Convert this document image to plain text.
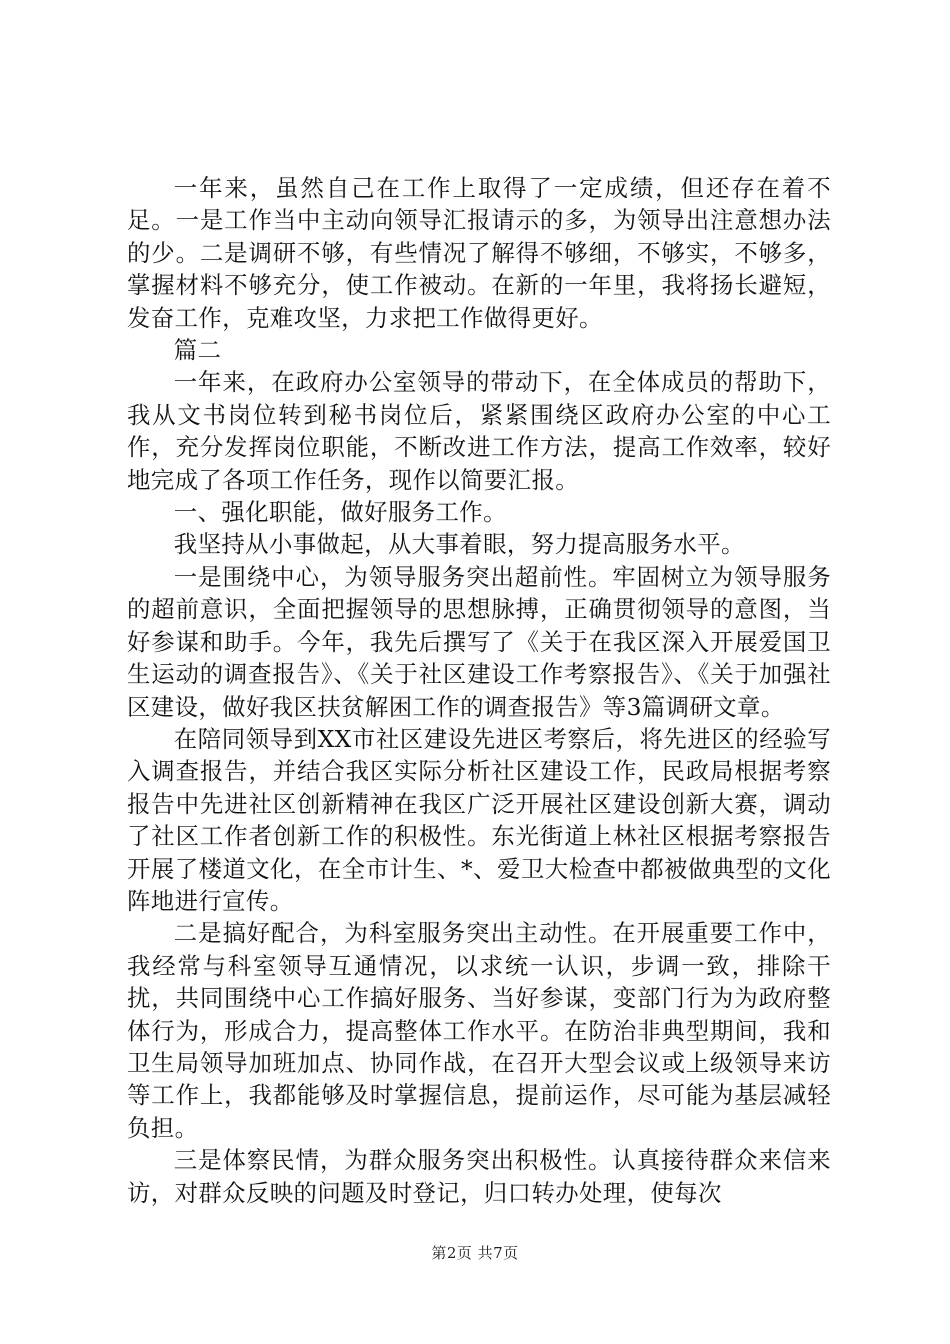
一年来，虽然自己在工作上取得了一定成绩，但还存在着不足。一是工作当中主动向领导汇报请示的多，为领导出注意想办法的少。二是调研不够，有些情况了解得不够细，不够实，不够多，掌握材料不够充分，使工作被动。在新的一年里，我将扬长避短，发奋工作，克难攻坚，力求把工作做得更好。

篇二

一年来，在政府办公室领导的带动下，在全体成员的帮助下，我从文书岗位转到秘书岗位后，紧紧围绕区政府办公室的中心工作，充分发挥岗位职能，不断改进工作方法，提高工作效率，较好地完成了各项工作任务，现作以简要汇报。

一、强化职能，做好服务工作。

我坚持从小事做起，从大事着眼，努力提高服务水平。

一是围绕中心，为领导服务突出超前性。牢固树立为领导服务的超前意识，全面把握领导的思想脉搏，正确贯彻领导的意图，当好参谋和助手。今年，我先后撰写了《关于在我区深入开展爱国卫生运动的调查报告》、《关于社区建设工作考察报告》、《关于加强社区建设，做好我区扶贫解困工作的调查报告》等3篇调研文章。

在陪同领导到XX市社区建设先进区考察后，将先进区的经验写入调查报告，并结合我区实际分析社区建设工作，民政局根据考察报告中先进社区创新精神在我区广泛开展社区建设创新大赛，调动了社区工作者创新工作的积极性。东光街道上林社区根据考察报告开展了楼道文化，在全市计生、*、爱卫大检查中都被做典型的文化阵地进行宣传。

二是搞好配合，为科室服务突出主动性。在开展重要工作中，我经常与科室领导互通情况，以求统一认识，步调一致，排除干扰，共同围绕中心工作搞好服务、当好参谋，变部门行为为政府整体行为，形成合力，提高整体工作水平。在防治非典型期间，我和卫生局领导加班加点、协同作战，在召开大型会议或上级领导来访等工作上，我都能够及时掌握信息，提前运作，尽可能为基层减轻负担。

三是体察民情，为群众服务突出积极性。认真接待群众来信来访，对群众反映的问题及时登记，归口转办处理，使每次

第2页 共7页
